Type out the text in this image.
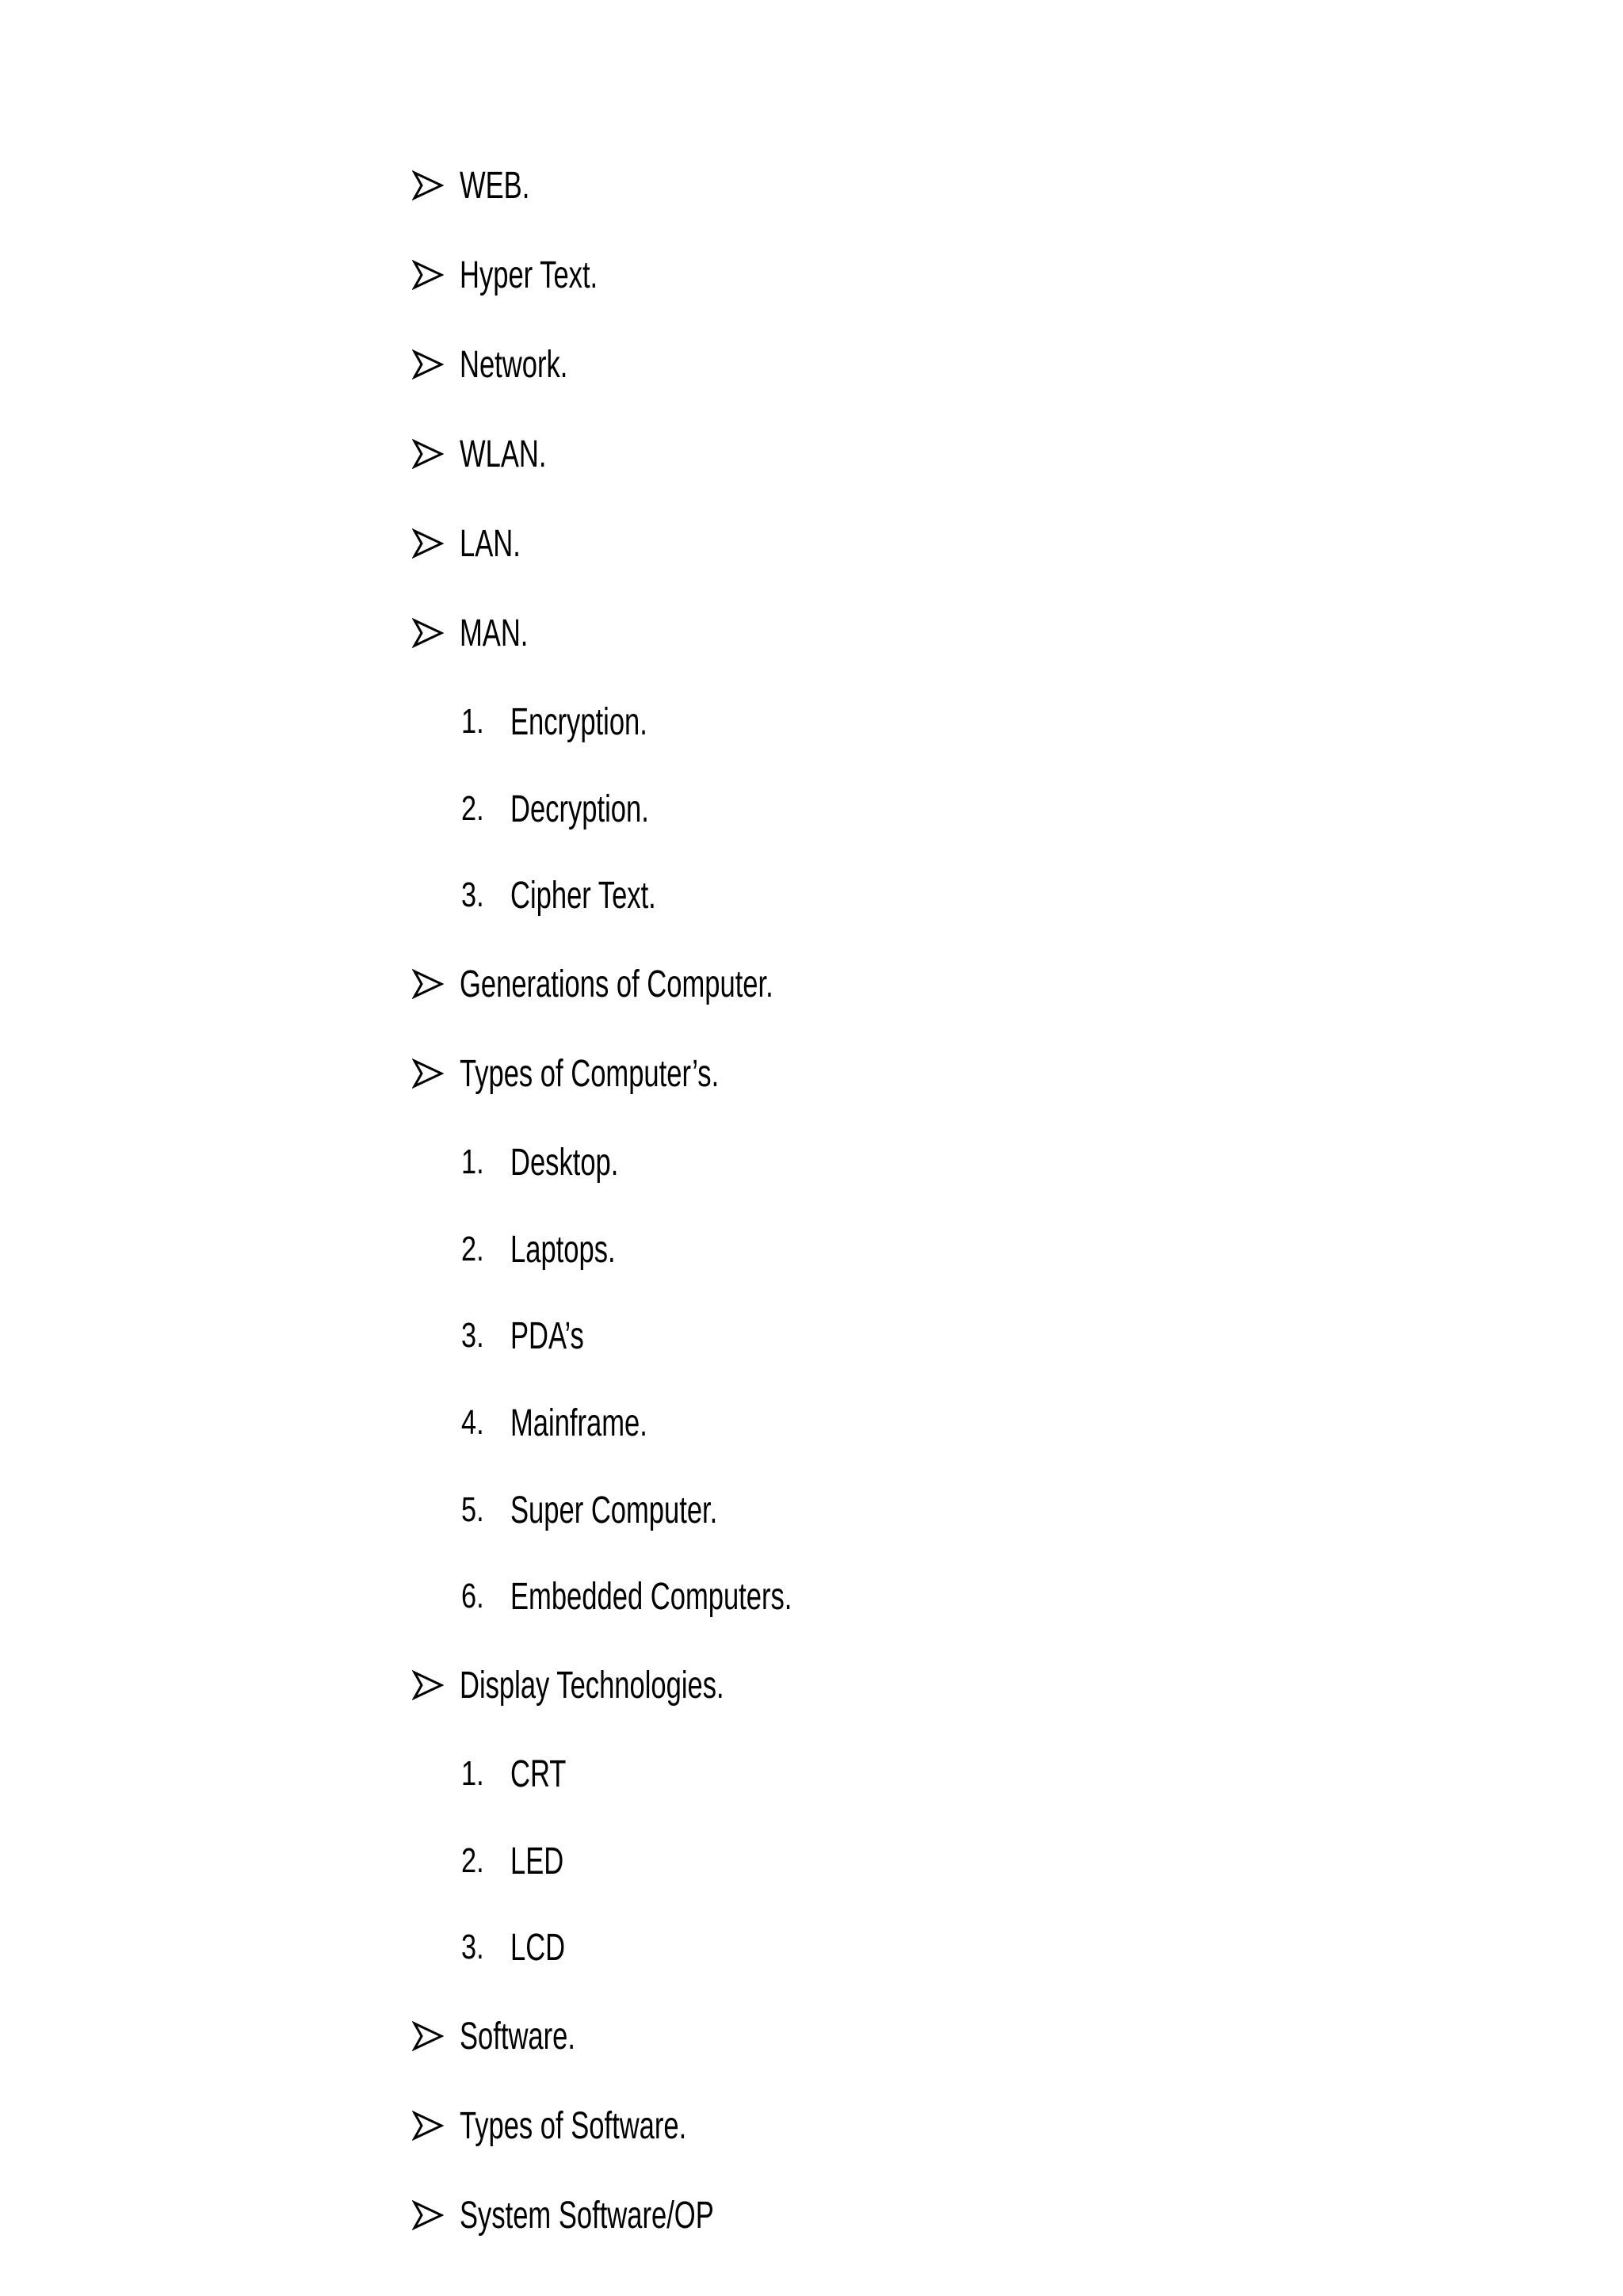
WEB.
Hyper Text.
Network.
WLAN.
LAN.
MAN.
1. Encryption.
2. Decryption.
3. Cipher Text.
Generations of Computer.
Types of Computer’s.
1. Desktop.
2. Laptops.
3. PDA’s
4. Mainframe.
5. Super Computer.
6. Embedded Computers.
Display Technologies.
1. CRT
2. LED
3. LCD
Software.
Types of Software.
System Software/OP
